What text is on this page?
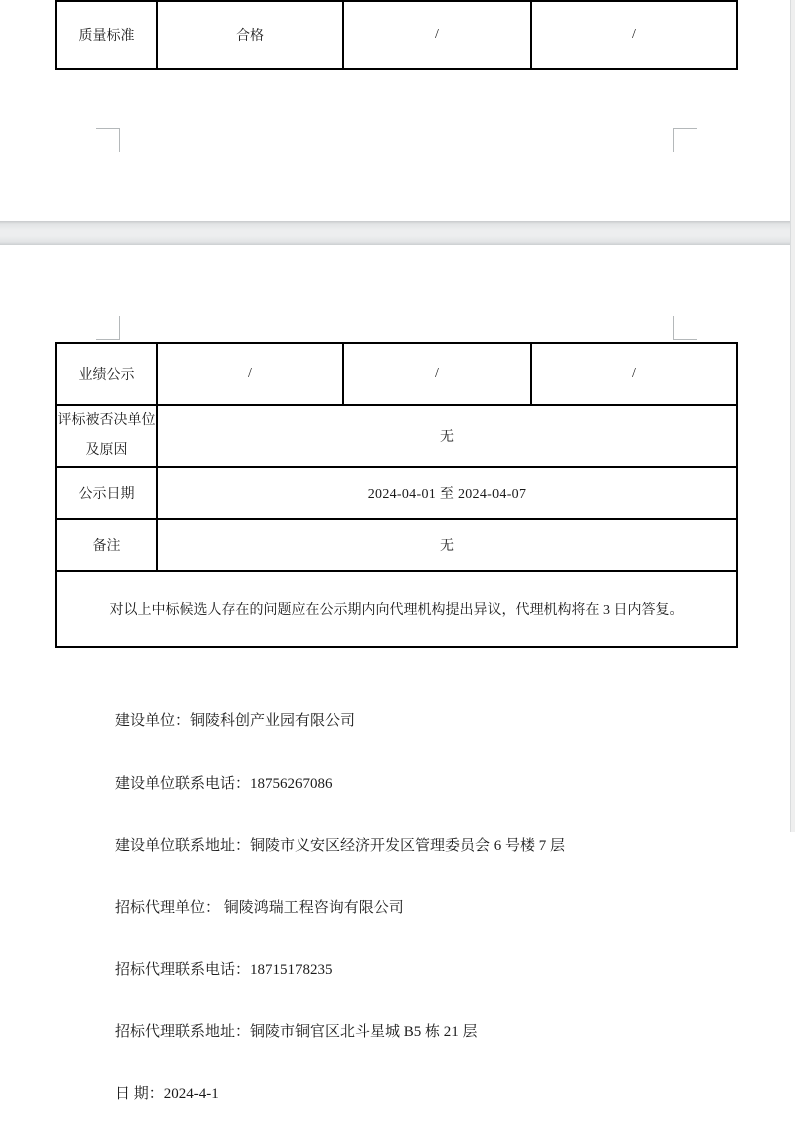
质量标准	合格	/	/
业绩公示	/	/	/
评标被否决单位
及原因	无		
公示日期	2024-04-01 至 2024-04-07		
备注	无		
对以上中标候选人存在的问题应在公示期内向代理机构提出异议，代理机构将在 3 日内答复。			

建设单位：铜陵科创产业园有限公司

建设单位联系电话：18756267086

建设单位联系地址：铜陵市义安区经济开发区管理委员会 6 号楼 7 层

招标代理单位： 铜陵鸿瑞工程咨询有限公司

招标代理联系电话：18715178235

招标代理联系地址：铜陵市铜官区北斗星城 B5 栋 21 层

日 期：2024-4-1
